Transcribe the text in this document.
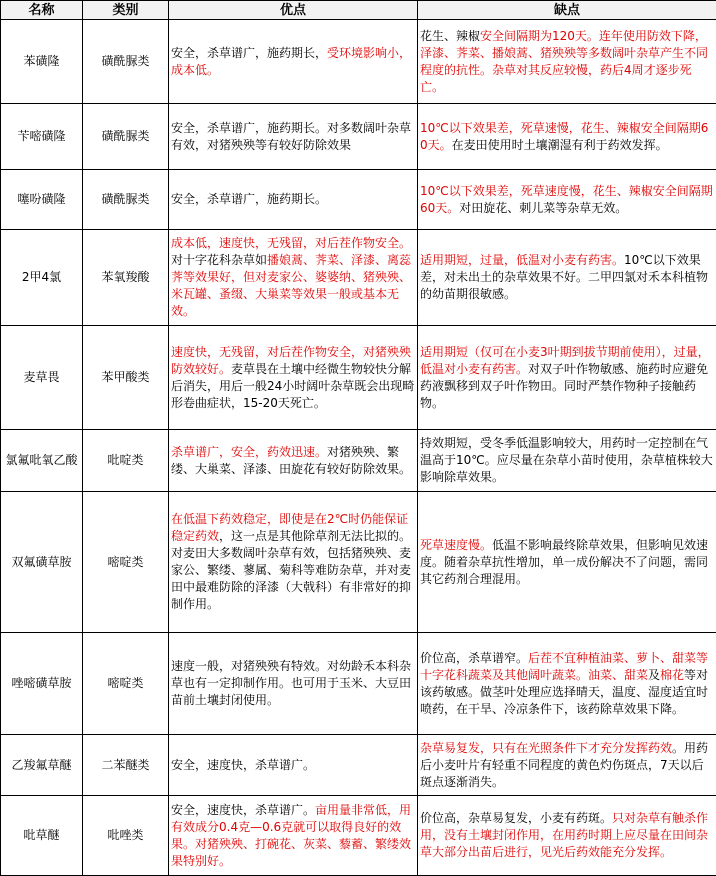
名称	类别	优点	缺点
苯磺隆	磺酰脲类	安全，杀草谱广，施药期长，受环境影响小，成本低。	花生、辣椒安全间隔期为120天。连年使用防效下降，泽漆、荠菜、播娘蒿、猪殃殃等多数阔叶杂草产生不同程度的抗性。杂草对其反应较慢，药后4周才逐步死亡。
苄嘧磺隆	磺酰脲类	安全，杀草谱广，施药期长。对多数阔叶杂草有效，对猪殃殃等有较好防除效果	10℃以下效果差，死草速慢，花生、辣椒安全间隔期60天。在麦田使用时土壤潮湿有利于药效发挥。
噻吩磺隆	磺酰脲类	安全，杀草谱广，施药期长。	10℃以下效果差，死草速度慢，花生、辣椒安全间隔期60天。对田旋花、刺儿菜等杂草无效。
2甲4氯	苯氧羧酸	成本低，速度快，无残留，对后茬作物安全。对十字花科杂草如播娘蒿、荠菜、泽漆、离蕊荠等效果好，但对麦家公、婆婆纳、猪殃殃、米瓦罐、蚤缀、大巢菜等效果一般或基本无效。	适用期短，过量，低温对小麦有药害。10℃以下效果差，对未出土的杂草效果不好。二甲四氯对禾本科植物的幼苗期很敏感。
麦草畏	苯甲酸类	速度快，无残留，对后茬作物安全，对猪殃殃防效较好。麦草畏在土壤中经微生物较快分解后消失，用后一般24小时阔叶杂草既会出现畸形卷曲症状，15-20天死亡。	适用期短（仅可在小麦3叶期到拔节期前使用），过量，低温对小麦有药害。对双子叶作物敏感、施药时应避免药液飘移到双子叶作物田。同时严禁作物种子接触药物。
氯氟吡氧乙酸	吡啶类	杀草谱广，安全，药效迅速。对猪殃殃、繁缕、大巢菜、泽漆、田旋花有较好防除效果。	持效期短，受冬季低温影响较大，用药时一定控制在气温高于10℃。应尽量在杂草小苗时使用，杂草植株较大影响除草效果。
双氟磺草胺	嘧啶类	在低温下药效稳定，即使是在2℃时仍能保证稳定药效，这一点是其他除草剂无法比拟的。对麦田大多数阔叶杂草有效，包括猪殃殃、麦家公、繁缕、蓼属、菊科等难防杂草，并对麦田中最难防除的泽漆（大戟科）有非常好的抑制作用。	死草速度慢。低温不影响最终除草效果，但影响见效速度。随着杂草抗性增加，单一成份解决不了问题，需同其它药剂合理混用。
唑嘧磺草胺	嘧啶类	速度一般，对猪殃殃有特效。对幼龄禾本科杂草也有一定抑制作用。也可用于玉米、大豆田苗前土壤封闭使用。	价位高，杀草谱窄。后茬不宜种植油菜、萝卜、甜菜等十字花科蔬菜及其他阔叶蔬菜。油菜、甜菜及棉花等对该药敏感。做茎叶处理应选择晴天，温度、湿度适宜时喷药，在干旱、冷凉条件下，该药除草效果下降。
乙羧氟草醚	二苯醚类	安全，速度快，杀草谱广。	杂草易复发，只有在光照条件下才充分发挥药效。用药后小麦叶片有轻重不同程度的黄色灼伤斑点，7天以后斑点逐渐消失。
吡草醚	吡唑类	安全，速度快，杀草谱广。亩用量非常低，用有效成分0.4克—0.6克就可以取得良好的效果。对猪殃殃、打碗花、灰菜、藜蓄、繁缕效果特别好。	价位高，杂草易复发，小麦有药斑。只对杂草有触杀作用，没有土壤封闭作用，在用药时期上应尽量在田间杂草大部分出苗后进行，见光后药效能充分发挥。
